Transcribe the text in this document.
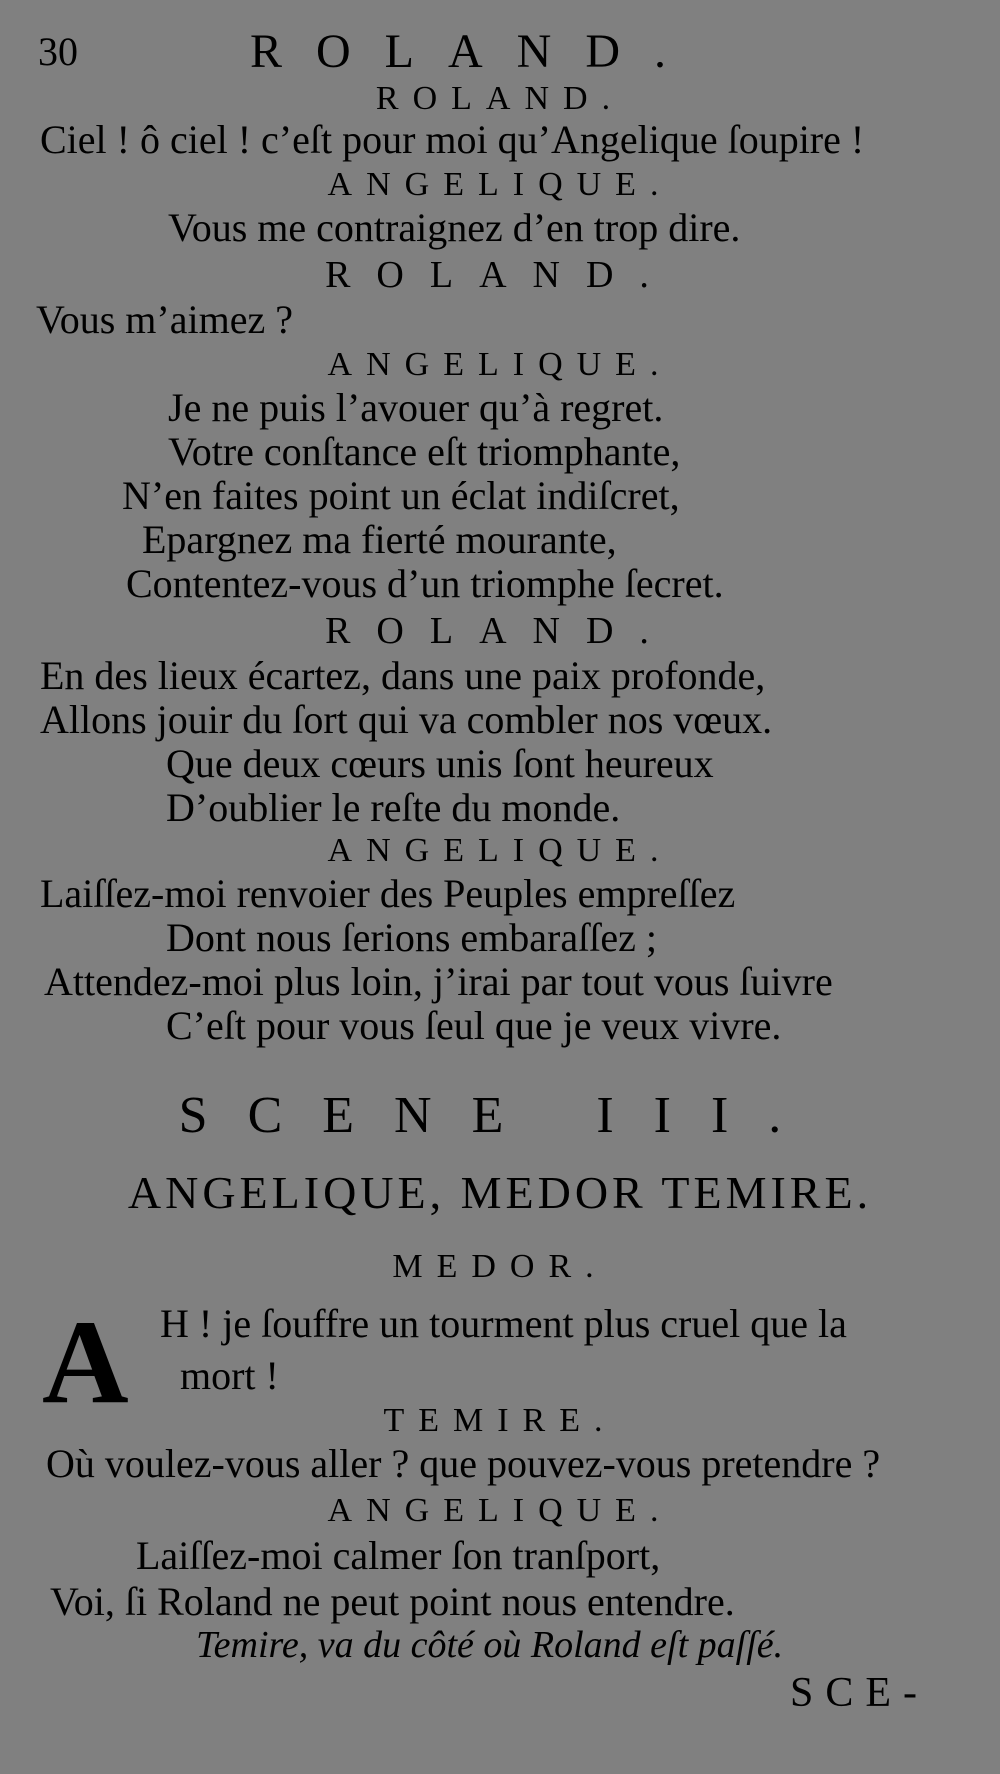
30	ROLAND.
ROLAND.
Ciel ! ô ciel ! c’eſt pour moi qu’Angelique ſoupire !
ANGELIQUE.
Vous me contraignez d’en trop dire.
ROLAND.
Vous m’aimez ?
ANGELIQUE.
Je ne puis l’avouer qu’à regret.
Votre conſtance eſt triomphante,
N’en faites point un éclat indiſcret,
Epargnez ma fierté mourante,
Contentez-vous d’un triomphe ſecret.
ROLAND.
En des lieux écartez, dans une paix profonde,
Allons jouir du ſort qui va combler nos vœux.
Que deux cœurs unis ſont heureux
D’oublier le reſte du monde.
ANGELIQUE.
Laiſſez-moi renvoier des Peuples empreſſez
Dont nous ſerions embaraſſez ;
Attendez-moi plus loin, j’irai par tout vous ſuivre
C’eſt pour vous ſeul que je veux vivre.
SCENE III.
ANGELIQUE, MEDOR TEMIRE.
MEDOR.
A H ! je ſouffre un tourment plus cruel que la
mort !
TEMIRE.
Où voulez-vous aller ? que pouvez-vous pretendre ?
ANGELIQUE.
Laiſſez-moi calmer ſon tranſport,
Voi, ſi Roland ne peut point nous entendre.
Temire, va du côté où Roland eſt paſſé.
SCE-
